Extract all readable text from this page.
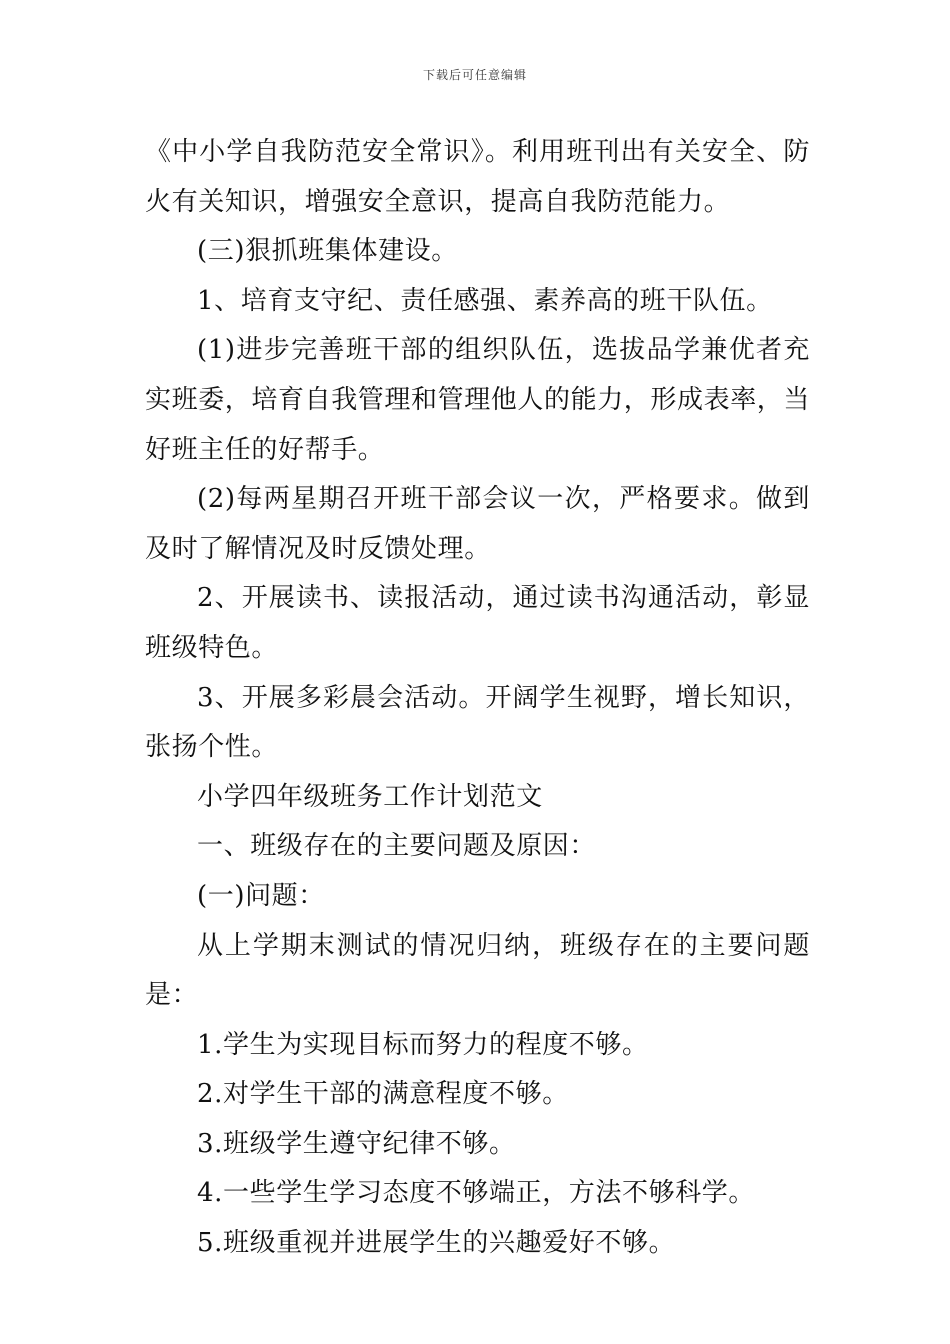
下载后可任意编辑

《中小学自我防范安全常识》。利用班刊出有关安全、防火有关知识，增强安全意识，提高自我防范能力。

(三)狠抓班集体建设。

1、培育支守纪、责任感强、素养高的班干队伍。

(1)进步完善班干部的组织队伍，选拔品学兼优者充实班委，培育自我管理和管理他人的能力，形成表率，当好班主任的好帮手。

(2)每两星期召开班干部会议一次，严格要求。做到及时了解情况及时反馈处理。

2、开展读书、读报活动，通过读书沟通活动，彰显班级特色。

3、开展多彩晨会活动。开阔学生视野，增长知识，张扬个性。

小学四年级班务工作计划范文

一、班级存在的主要问题及原因：

(一)问题：

从上学期末测试的情况归纳，班级存在的主要问题是：

1.学生为实现目标而努力的程度不够。

2.对学生干部的满意程度不够。

3.班级学生遵守纪律不够。

4.一些学生学习态度不够端正，方法不够科学。

5.班级重视并进展学生的兴趣爱好不够。
